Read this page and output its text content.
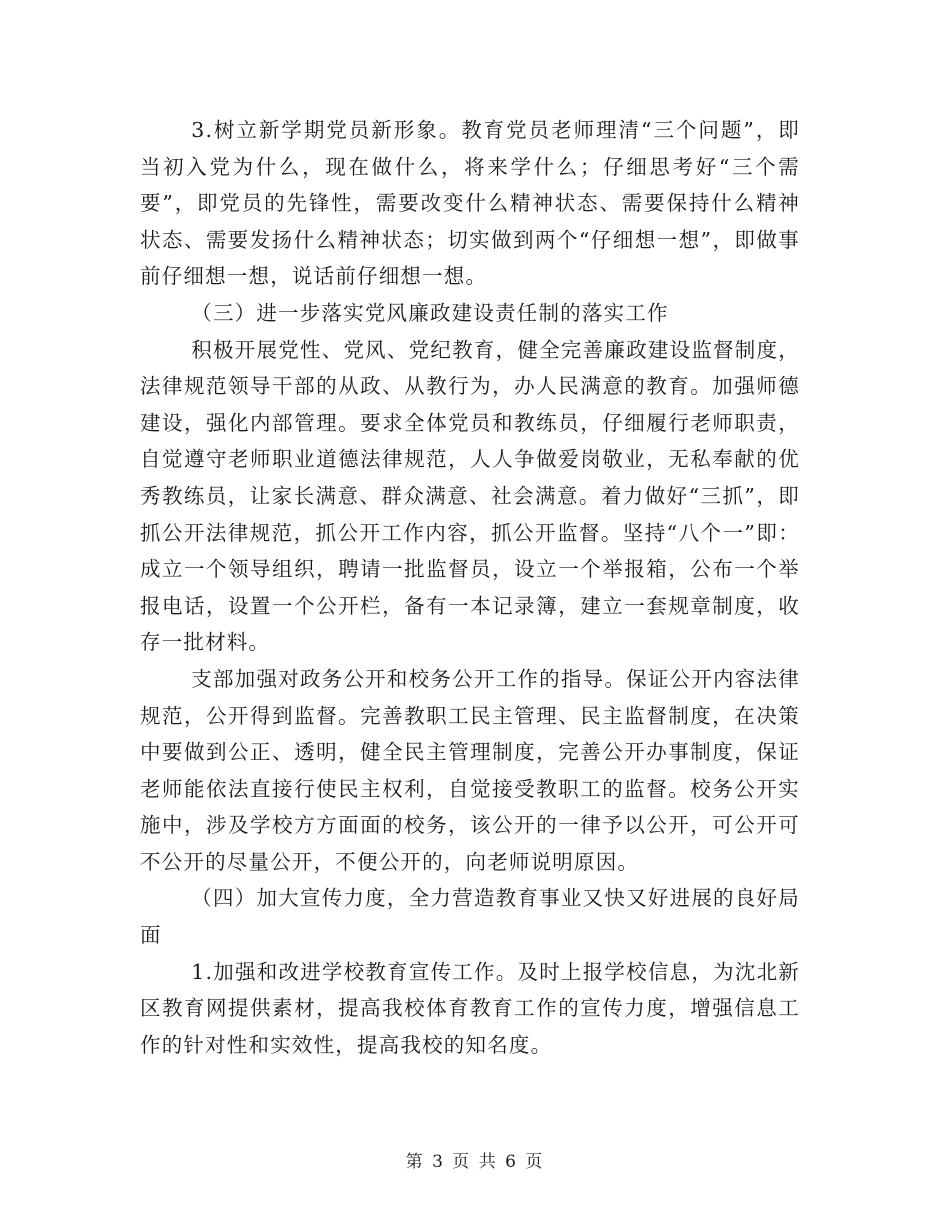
3.树立新学期党员新形象。教育党员老师理清“三个问题”，即当初入党为什么，现在做什么，将来学什么；仔细思考好“三个需要”，即党员的先锋性，需要改变什么精神状态、需要保持什么精神状态、需要发扬什么精神状态；切实做到两个“仔细想一想”，即做事前仔细想一想，说话前仔细想一想。

（三）进一步落实党风廉政建设责任制的落实工作

积极开展党性、党风、党纪教育，健全完善廉政建设监督制度，法律规范领导干部的从政、从教行为，办人民满意的教育。加强师德建设，强化内部管理。要求全体党员和教练员，仔细履行老师职责，自觉遵守老师职业道德法律规范，人人争做爱岗敬业，无私奉献的优秀教练员，让家长满意、群众满意、社会满意。着力做好“三抓”，即抓公开法律规范，抓公开工作内容，抓公开监督。坚持“八个一”即：成立一个领导组织，聘请一批监督员，设立一个举报箱，公布一个举报电话，设置一个公开栏，备有一本记录簿，建立一套规章制度，收存一批材料。

支部加强对政务公开和校务公开工作的指导。保证公开内容法律规范，公开得到监督。完善教职工民主管理、民主监督制度，在决策中要做到公正、透明，健全民主管理制度，完善公开办事制度，保证老师能依法直接行使民主权利，自觉接受教职工的监督。校务公开实施中，涉及学校方方面面的校务，该公开的一律予以公开，可公开可不公开的尽量公开，不便公开的，向老师说明原因。

（四）加大宣传力度，全力营造教育事业又快又好进展的良好局面

1.加强和改进学校教育宣传工作。及时上报学校信息，为沈北新区教育网提供素材，提高我校体育教育工作的宣传力度，增强信息工作的针对性和实效性，提高我校的知名度。

第 3 页 共 6 页
